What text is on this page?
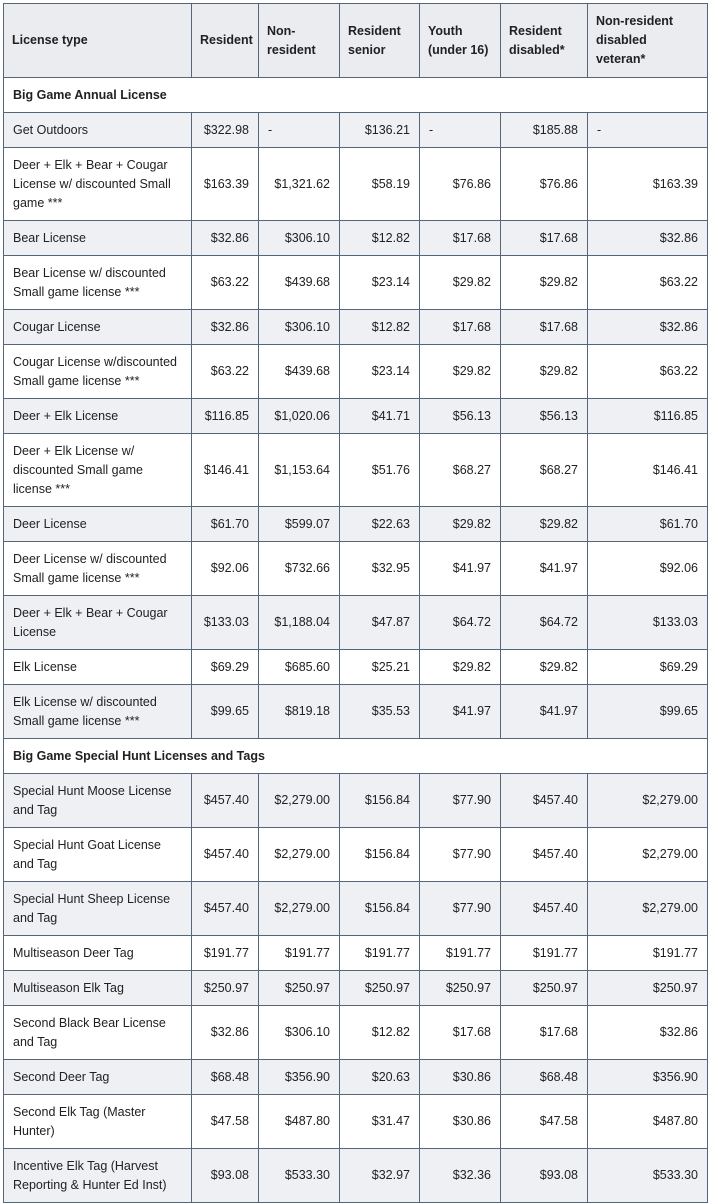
License type	Resident	Non-resident	Resident senior	Youth (under 16)	Resident disabled*	Non-resident disabled veteran*
Big Game Annual License						
Get Outdoors	$322.98	-	$136.21	-	$185.88	-
Deer + Elk + Bear + Cougar License w/ discounted Small game ***	$163.39	$1,321.62	$58.19	$76.86	$76.86	$163.39
Bear License	$32.86	$306.10	$12.82	$17.68	$17.68	$32.86
Bear License w/ discounted Small game license ***	$63.22	$439.68	$23.14	$29.82	$29.82	$63.22
Cougar License	$32.86	$306.10	$12.82	$17.68	$17.68	$32.86
Cougar License w/discounted Small game license ***	$63.22	$439.68	$23.14	$29.82	$29.82	$63.22
Deer + Elk License	$116.85	$1,020.06	$41.71	$56.13	$56.13	$116.85
Deer + Elk License w/ discounted Small game license ***	$146.41	$1,153.64	$51.76	$68.27	$68.27	$146.41
Deer License	$61.70	$599.07	$22.63	$29.82	$29.82	$61.70
Deer License w/ discounted Small game license ***	$92.06	$732.66	$32.95	$41.97	$41.97	$92.06
Deer + Elk + Bear + Cougar License	$133.03	$1,188.04	$47.87	$64.72	$64.72	$133.03
Elk License	$69.29	$685.60	$25.21	$29.82	$29.82	$69.29
Elk License w/ discounted Small game license ***	$99.65	$819.18	$35.53	$41.97	$41.97	$99.65
Big Game Special Hunt Licenses and Tags						
Special Hunt Moose License and Tag	$457.40	$2,279.00	$156.84	$77.90	$457.40	$2,279.00
Special Hunt Goat License and Tag	$457.40	$2,279.00	$156.84	$77.90	$457.40	$2,279.00
Special Hunt Sheep License and Tag	$457.40	$2,279.00	$156.84	$77.90	$457.40	$2,279.00
Multiseason Deer Tag	$191.77	$191.77	$191.77	$191.77	$191.77	$191.77
Multiseason Elk Tag	$250.97	$250.97	$250.97	$250.97	$250.97	$250.97
Second Black Bear License and Tag	$32.86	$306.10	$12.82	$17.68	$17.68	$32.86
Second Deer Tag	$68.48	$356.90	$20.63	$30.86	$68.48	$356.90
Second Elk Tag (Master Hunter)	$47.58	$487.80	$31.47	$30.86	$47.58	$487.80
Incentive Elk Tag (Harvest Reporting & Hunter Ed Inst)	$93.08	$533.30	$32.97	$32.36	$93.08	$533.30
